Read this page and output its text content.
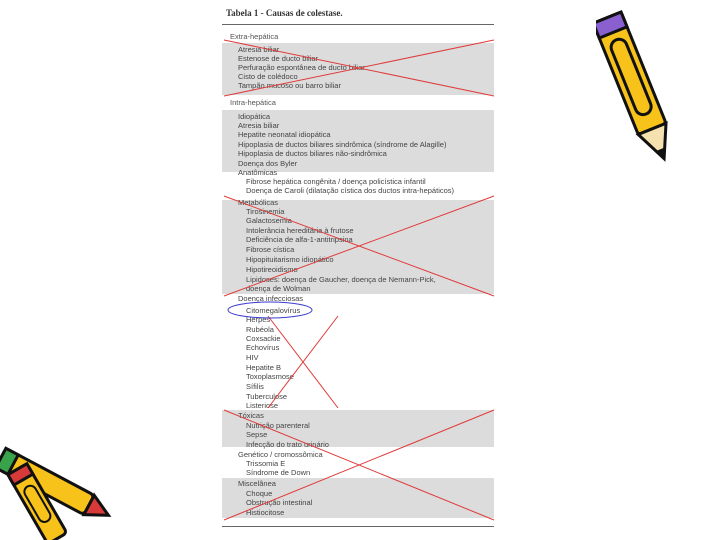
Tabela 1 - Causas de colestase.
Extra-hepática
Atresia biliar
Estenose de ducto biliar
Perfuração espontânea de ducto biliar
Cisto de colédoco
Tampão mucoso ou barro biliar
Intra-hepática
Idiopática
Atresia biliar
Hepatite neonatal idiopática
Hipoplasia de ductos biliares sindrômica (síndrome de Alagille)
Hipoplasia de ductos biliares não-sindrômica
Doença dos Byler
Anatômicas
Fibrose hepática congênita / doença policística infantil
Doença de Caroli (dilatação cística dos ductos intra-hepáticos)
Metabólicas
Tirosinemia
Galactosemia
Intolerância hereditária à frutose
Deficiência de alfa-1-antitripsina
Fibrose cística
Hipopituitarismo idiopático
Hipotireoidismo
Lipidoses: doença de Gaucher, doença de Nemann-Pick,
doença de Wolman
Doença infecciosas
Citomegalovírus
Herpes
Rubéola
Coxsackie
Echovírus
HIV
Hepatite B
Toxoplasmose
Sífilis
Tuberculose
Listeriose
Tóxicas
Nutrição parenteral
Sepse
Infecção do trato urinário
Genético / cromossômica
Trissomia E
Síndrome de Down
Miscelânea
Choque
Obstrução intestinal
Histiocitose
